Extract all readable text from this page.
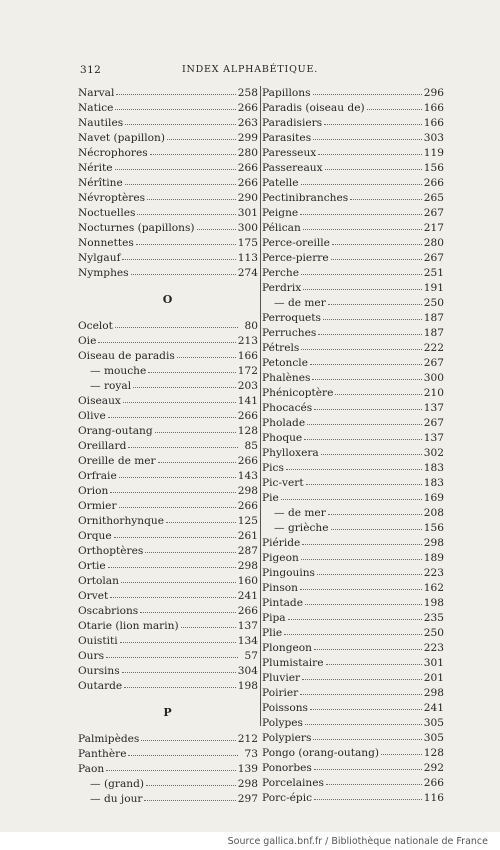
312	INDEX ALPHABÉTIQUE.
Narval	258
Natice	266
Nautiles	263
Navet (papillon)	299
Nécrophores	280
Nérite	266
Nérîtine	266
Névroptères	290
Noctuelles	301
Nocturnes (papillons)	300
Nonnettes	175
Nylgauf	113
Nymphes	274
O
Ocelot	80
Oie	213
Oiseau de paradis	166
— mouche	172
— royal	203
Oiseaux	141
Olive	266
Orang-outang	128
Oreillard	85
Oreille de mer	266
Orfraie	143
Orion	298
Ormier	266
Ornithorhynque	125
Orque	261
Orthoptères	287
Ortie	298
Ortolan	160
Orvet	241
Oscabrions	266
Otarie (lion marin)	137
Ouistiti	134
Ours	57
Oursins	304
Outarde	198
P
Palmipèdes	212
Panthère	73
Paon	139
— (grand)	298
— du jour	297
Papillons	296
Paradis (oiseau de)	166
Paradisiers	166
Parasites	303
Paresseux	119
Passereaux	156
Patelle	266
Pectinibranches	265
Peigne	267
Pélican	217
Perce-oreille	280
Perce-pierre	267
Perche	251
Perdrix	191
— de mer	250
Perroquets	187
Perruches	187
Pétrels	222
Petoncle	267
Phalènes	300
Phénicoptère	210
Phocacés	137
Pholade	267
Phoque	137
Phylloxera	302
Pics	183
Pic-vert	183
Pie	169
— de mer	208
— grièche	156
Piéride	298
Pigeon	189
Pingouins	223
Pinson	162
Pintade	198
Pipa	235
Plie	250
Plongeon	223
Plumistaire	301
Pluvier	201
Poirier	298
Poissons	241
Polypes	305
Polypiers	305
Pongo (orang-outang)	128
Ponorbes	292
Porcelaines	266
Porc-épic	116
Source gallica.bnf.fr / Bibliothèque nationale de France
